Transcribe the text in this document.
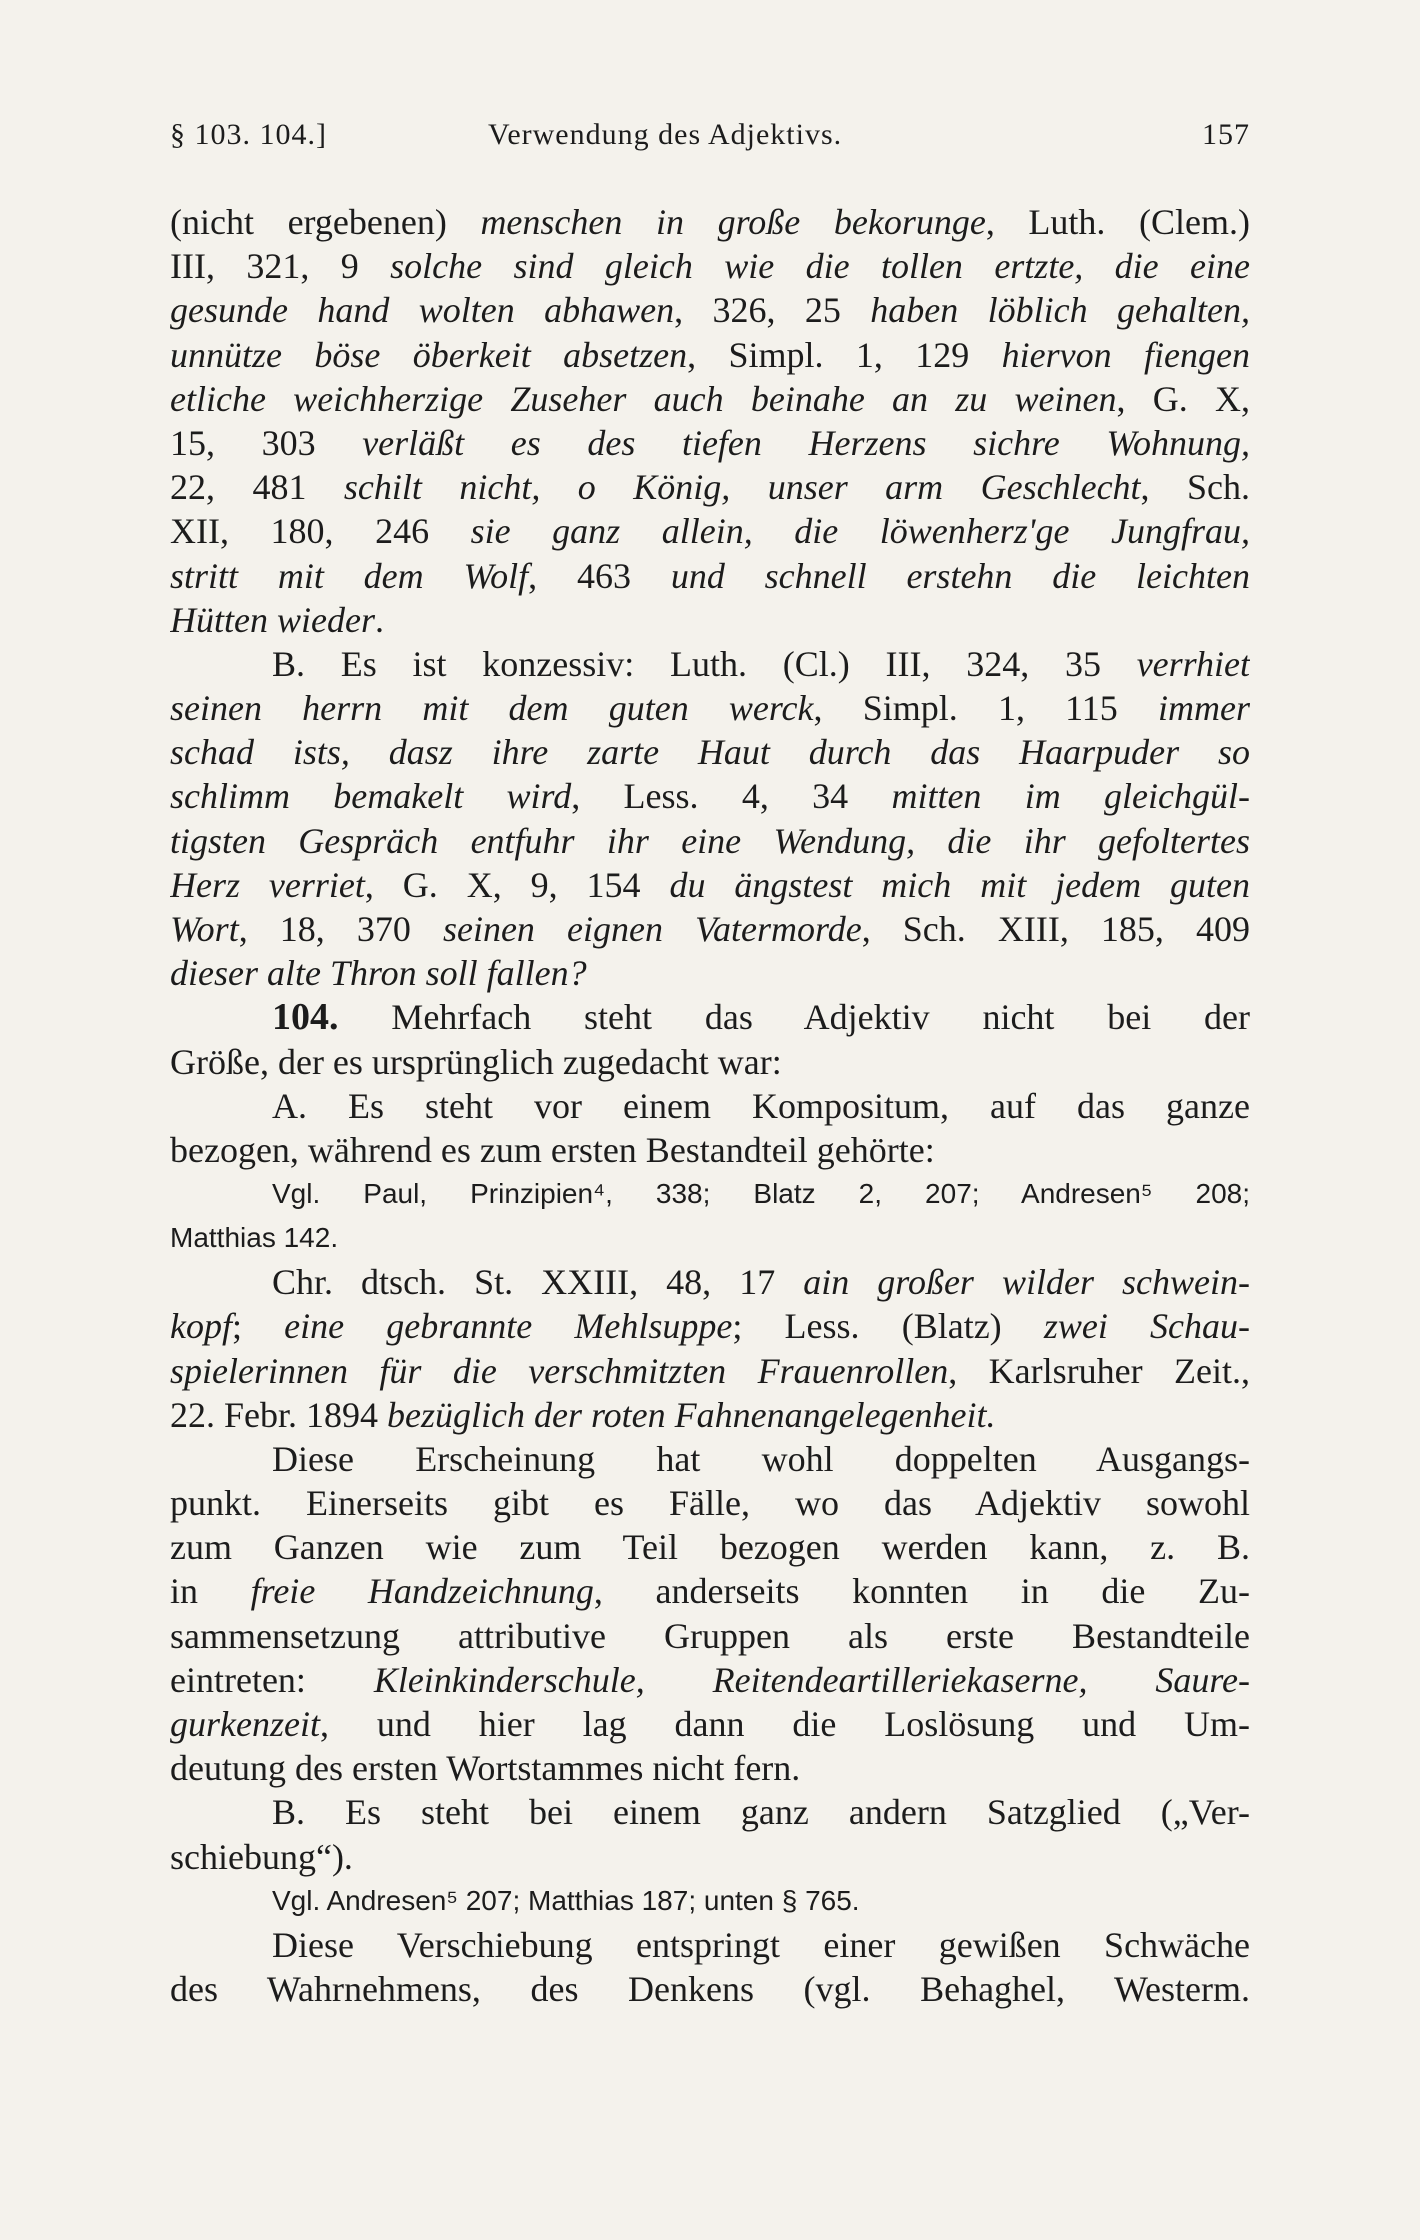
§ 103. 104.]	Verwendung des Adjektivs.	157
(nicht ergebenen) menschen in große bekorunge, Luth. (Clem.)
III, 321, 9 solche sind gleich wie die tollen ertzte, die eine
gesunde hand wolten abhawen, 326, 25 haben löblich gehalten,
unnütze böse öberkeit absetzen, Simpl. 1, 129 hiervon fiengen
etliche weichherzige Zuseher auch beinahe an zu weinen, G. X,
15, 303 verläßt es des tiefen Herzens sichre Wohnung,
22, 481 schilt nicht, o König, unser arm Geschlecht, Sch.
XII, 180, 246 sie ganz allein, die löwenherz'ge Jungfrau,
stritt mit dem Wolf, 463 und schnell erstehn die leichten
Hütten wieder.
B. Es ist konzessiv: Luth. (Cl.) III, 324, 35 verrhiet
seinen herrn mit dem guten werck, Simpl. 1, 115 immer
schad ists, dasz ihre zarte Haut durch das Haarpuder so
schlimm bemakelt wird, Less. 4, 34 mitten im gleichgül-
tigsten Gespräch entfuhr ihr eine Wendung, die ihr gefoltertes
Herz verriet, G. X, 9, 154 du ängstest mich mit jedem guten
Wort, 18, 370 seinen eignen Vatermorde, Sch. XIII, 185, 409
dieser alte Thron soll fallen?
104. Mehrfach steht das Adjektiv nicht bei der
Größe, der es ursprünglich zugedacht war:
A. Es steht vor einem Kompositum, auf das ganze
bezogen, während es zum ersten Bestandteil gehörte:
Vgl. Paul, Prinzipien⁴, 338; Blatz 2, 207; Andresen⁵ 208;
Matthias 142.
Chr. dtsch. St. XXIII, 48, 17 ain großer wilder schwein-
kopf; eine gebrannte Mehlsuppe; Less. (Blatz) zwei Schau-
spielerinnen für die verschmitzten Frauenrollen, Karlsruher Zeit.,
22. Febr. 1894 bezüglich der roten Fahnenangelegenheit.
Diese Erscheinung hat wohl doppelten Ausgangs-
punkt. Einerseits gibt es Fälle, wo das Adjektiv sowohl
zum Ganzen wie zum Teil bezogen werden kann, z. B.
in freie Handzeichnung, anderseits konnten in die Zu-
sammensetzung attributive Gruppen als erste Bestandteile
eintreten: Kleinkinderschule, Reitendeartilleriekaserne, Saure-
gurkenzeit, und hier lag dann die Loslösung und Um-
deutung des ersten Wortstammes nicht fern.
B. Es steht bei einem ganz andern Satzglied („Ver-
schiebung“).
Vgl. Andresen⁵ 207; Matthias 187; unten § 765.
Diese Verschiebung entspringt einer gewißen Schwäche
des Wahrnehmens, des Denkens (vgl. Behaghel, Westerm.
